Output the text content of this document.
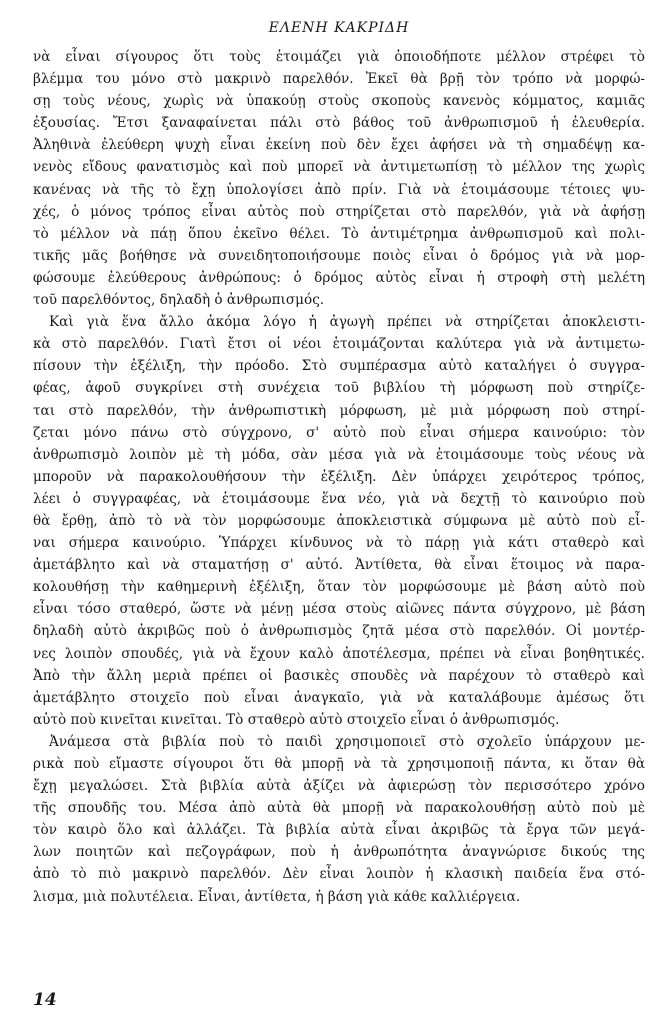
ΕΛΕΝΗ ΚΑΚΡΙΔΗ
νὰ εἶναι σίγουρος ὅτι τοὺς ἑτοιμάζει γιὰ ὁποιοδήποτε μέλλον στρέφει τὸ
βλέμμα του μόνο στὸ μακρινὸ παρελθόν. Ἐκεῖ θὰ βρῇ τὸν τρόπο νὰ μορφώ-
σῃ τοὺς νέους, χωρὶς νὰ ὑπακούῃ στοὺς σκοποὺς κανενὸς κόμματος, καμιᾶς
ἐξουσίας. Ἔτσι ξαναφαίνεται πάλι στὸ βάθος τοῦ ἀνθρωπισμοῦ ἡ ἐλευθερία.
Ἀληθινὰ ἐλεύθερη ψυχὴ εἶναι ἐκείνη ποὺ δὲν ἔχει ἀφήσει νὰ τὴ σημαδέψῃ κα-
νενὸς εἴδους φανατισμὸς καὶ ποὺ μπορεῖ νὰ ἀντιμετωπίσῃ τὸ μέλλον της χωρὶς
κανένας νὰ τῆς τὸ ἔχῃ ὑπολογίσει ἀπὸ πρίν. Γιὰ νὰ ἑτοιμάσουμε τέτοιες ψυ-
χές, ὁ μόνος τρόπος εἶναι αὐτὸς ποὺ στηρίζεται στὸ παρελθόν, γιὰ νὰ ἀφήσῃ
τὸ μέλλον νὰ πάῃ ὅπου ἐκεῖνο θέλει. Τὸ ἀντιμέτρημα ἀνθρωπισμοῦ καὶ πολι-
τικῆς μᾶς βοήθησε νὰ συνειδητοποιήσουμε ποιὸς εἶναι ὁ δρόμος γιὰ νὰ μορ-
φώσουμε ἐλεύθερους ἀνθρώπους: ὁ δρόμος αὐτὸς εἶναι ἡ στροφὴ στὴ μελέτη
τοῦ παρελθόντος, δηλαδὴ ὁ ἀνθρωπισμός.
Καὶ γιὰ ἕνα ἄλλο ἀκόμα λόγο ἡ ἀγωγὴ πρέπει νὰ στηρίζεται ἀποκλειστι-
κὰ στὸ παρελθόν. Γιατὶ ἔτσι οἱ νέοι ἑτοιμάζονται καλύτερα γιὰ νὰ ἀντιμετω-
πίσουν τὴν ἐξέλιξη, τὴν πρόοδο. Στὸ συμπέρασμα αὐτὸ καταλήγει ὁ συγγρα-
φέας, ἀφοῦ συγκρίνει στὴ συνέχεια τοῦ βιβλίου τὴ μόρφωση ποὺ στηρίζε-
ται στὸ παρελθόν, τὴν ἀνθρωπιστικὴ μόρφωση, μὲ μιὰ μόρφωση ποὺ στηρί-
ζεται μόνο πάνω στὸ σύγχρονο, σ' αὐτὸ ποὺ εἶναι σήμερα καινούριο: τὸν
ἀνθρωπισμὸ λοιπὸν μὲ τὴ μόδα, σὰν μέσα γιὰ νὰ ἑτοιμάσουμε τοὺς νέους νὰ
μποροῦν νὰ παρακολουθήσουν τὴν ἐξέλιξη. Δὲν ὑπάρχει χειρότερος τρόπος,
λέει ὁ συγγραφέας, νὰ ἑτοιμάσουμε ἕνα νέο, γιὰ νὰ δεχτῇ τὸ καινούριο ποὺ
θὰ ἔρθῃ, ἀπὸ τὸ νὰ τὸν μορφώσουμε ἀποκλειστικὰ σύμφωνα μὲ αὐτὸ ποὺ εἶ-
ναι σήμερα καινούριο. Ὑπάρχει κίνδυνος νὰ τὸ πάρῃ γιὰ κάτι σταθερὸ καὶ
ἀμετάβλητο καὶ νὰ σταματήσῃ σ' αὐτό. Ἀντίθετα, θὰ εἶναι ἕτοιμος νὰ παρα-
κολουθήσῃ τὴν καθημερινὴ ἐξέλιξη, ὅταν τὸν μορφώσουμε μὲ βάση αὐτὸ ποὺ
εἶναι τόσο σταθερό, ὥστε νὰ μένῃ μέσα στοὺς αἰῶνες πάντα σύγχρονο, μὲ βάση
δηλαδὴ αὐτὸ ἀκριβῶς ποὺ ὁ ἀνθρωπισμὸς ζητᾶ μέσα στὸ παρελθόν. Οἱ μοντέρ-
νες λοιπὸν σπουδές, γιὰ νὰ ἔχουν καλὸ ἀποτέλεσμα, πρέπει νὰ εἶναι βοηθητικές.
Ἀπὸ τὴν ἄλλη μεριὰ πρέπει οἱ βασικὲς σπουδὲς νὰ παρέχουν τὸ σταθερὸ καὶ
ἀμετάβλητο στοιχεῖο ποὺ εἶναι ἀναγκαῖο, γιὰ νὰ καταλάβουμε ἀμέσως ὅτι
αὐτὸ ποὺ κινεῖται κινεῖται. Τὸ σταθερὸ αὐτὸ στοιχεῖο εἶναι ὁ ἀνθρωπισμός.
Ἀνάμεσα στὰ βιβλία ποὺ τὸ παιδὶ χρησιμοποιεῖ στὸ σχολεῖο ὑπάρχουν με-
ρικὰ ποὺ εἴμαστε σίγουροι ὅτι θὰ μπορῇ νὰ τὰ χρησιμοποιῇ πάντα, κι ὅταν θὰ
ἔχῃ μεγαλώσει. Στὰ βιβλία αὐτὰ ἀξίζει νὰ ἀφιερώσῃ τὸν περισσότερο χρόνο
τῆς σπουδῆς του. Μέσα ἀπὸ αὐτὰ θὰ μπορῇ νὰ παρακολουθήσῃ αὐτὸ ποὺ μὲ
τὸν καιρὸ ὅλο καὶ ἀλλάζει. Τὰ βιβλία αὐτὰ εἶναι ἀκριβῶς τὰ ἔργα τῶν μεγά-
λων ποιητῶν καὶ πεζογράφων, ποὺ ἡ ἀνθρωπότητα ἀναγνώρισε δικούς της
ἀπὸ τὸ πιὸ μακρινὸ παρελθόν. Δὲν εἶναι λοιπὸν ἡ κλασικὴ παιδεία ἕνα στό-
λισμα, μιὰ πολυτέλεια. Εἶναι, ἀντίθετα, ἡ βάση γιὰ κάθε καλλιέργεια.
14
